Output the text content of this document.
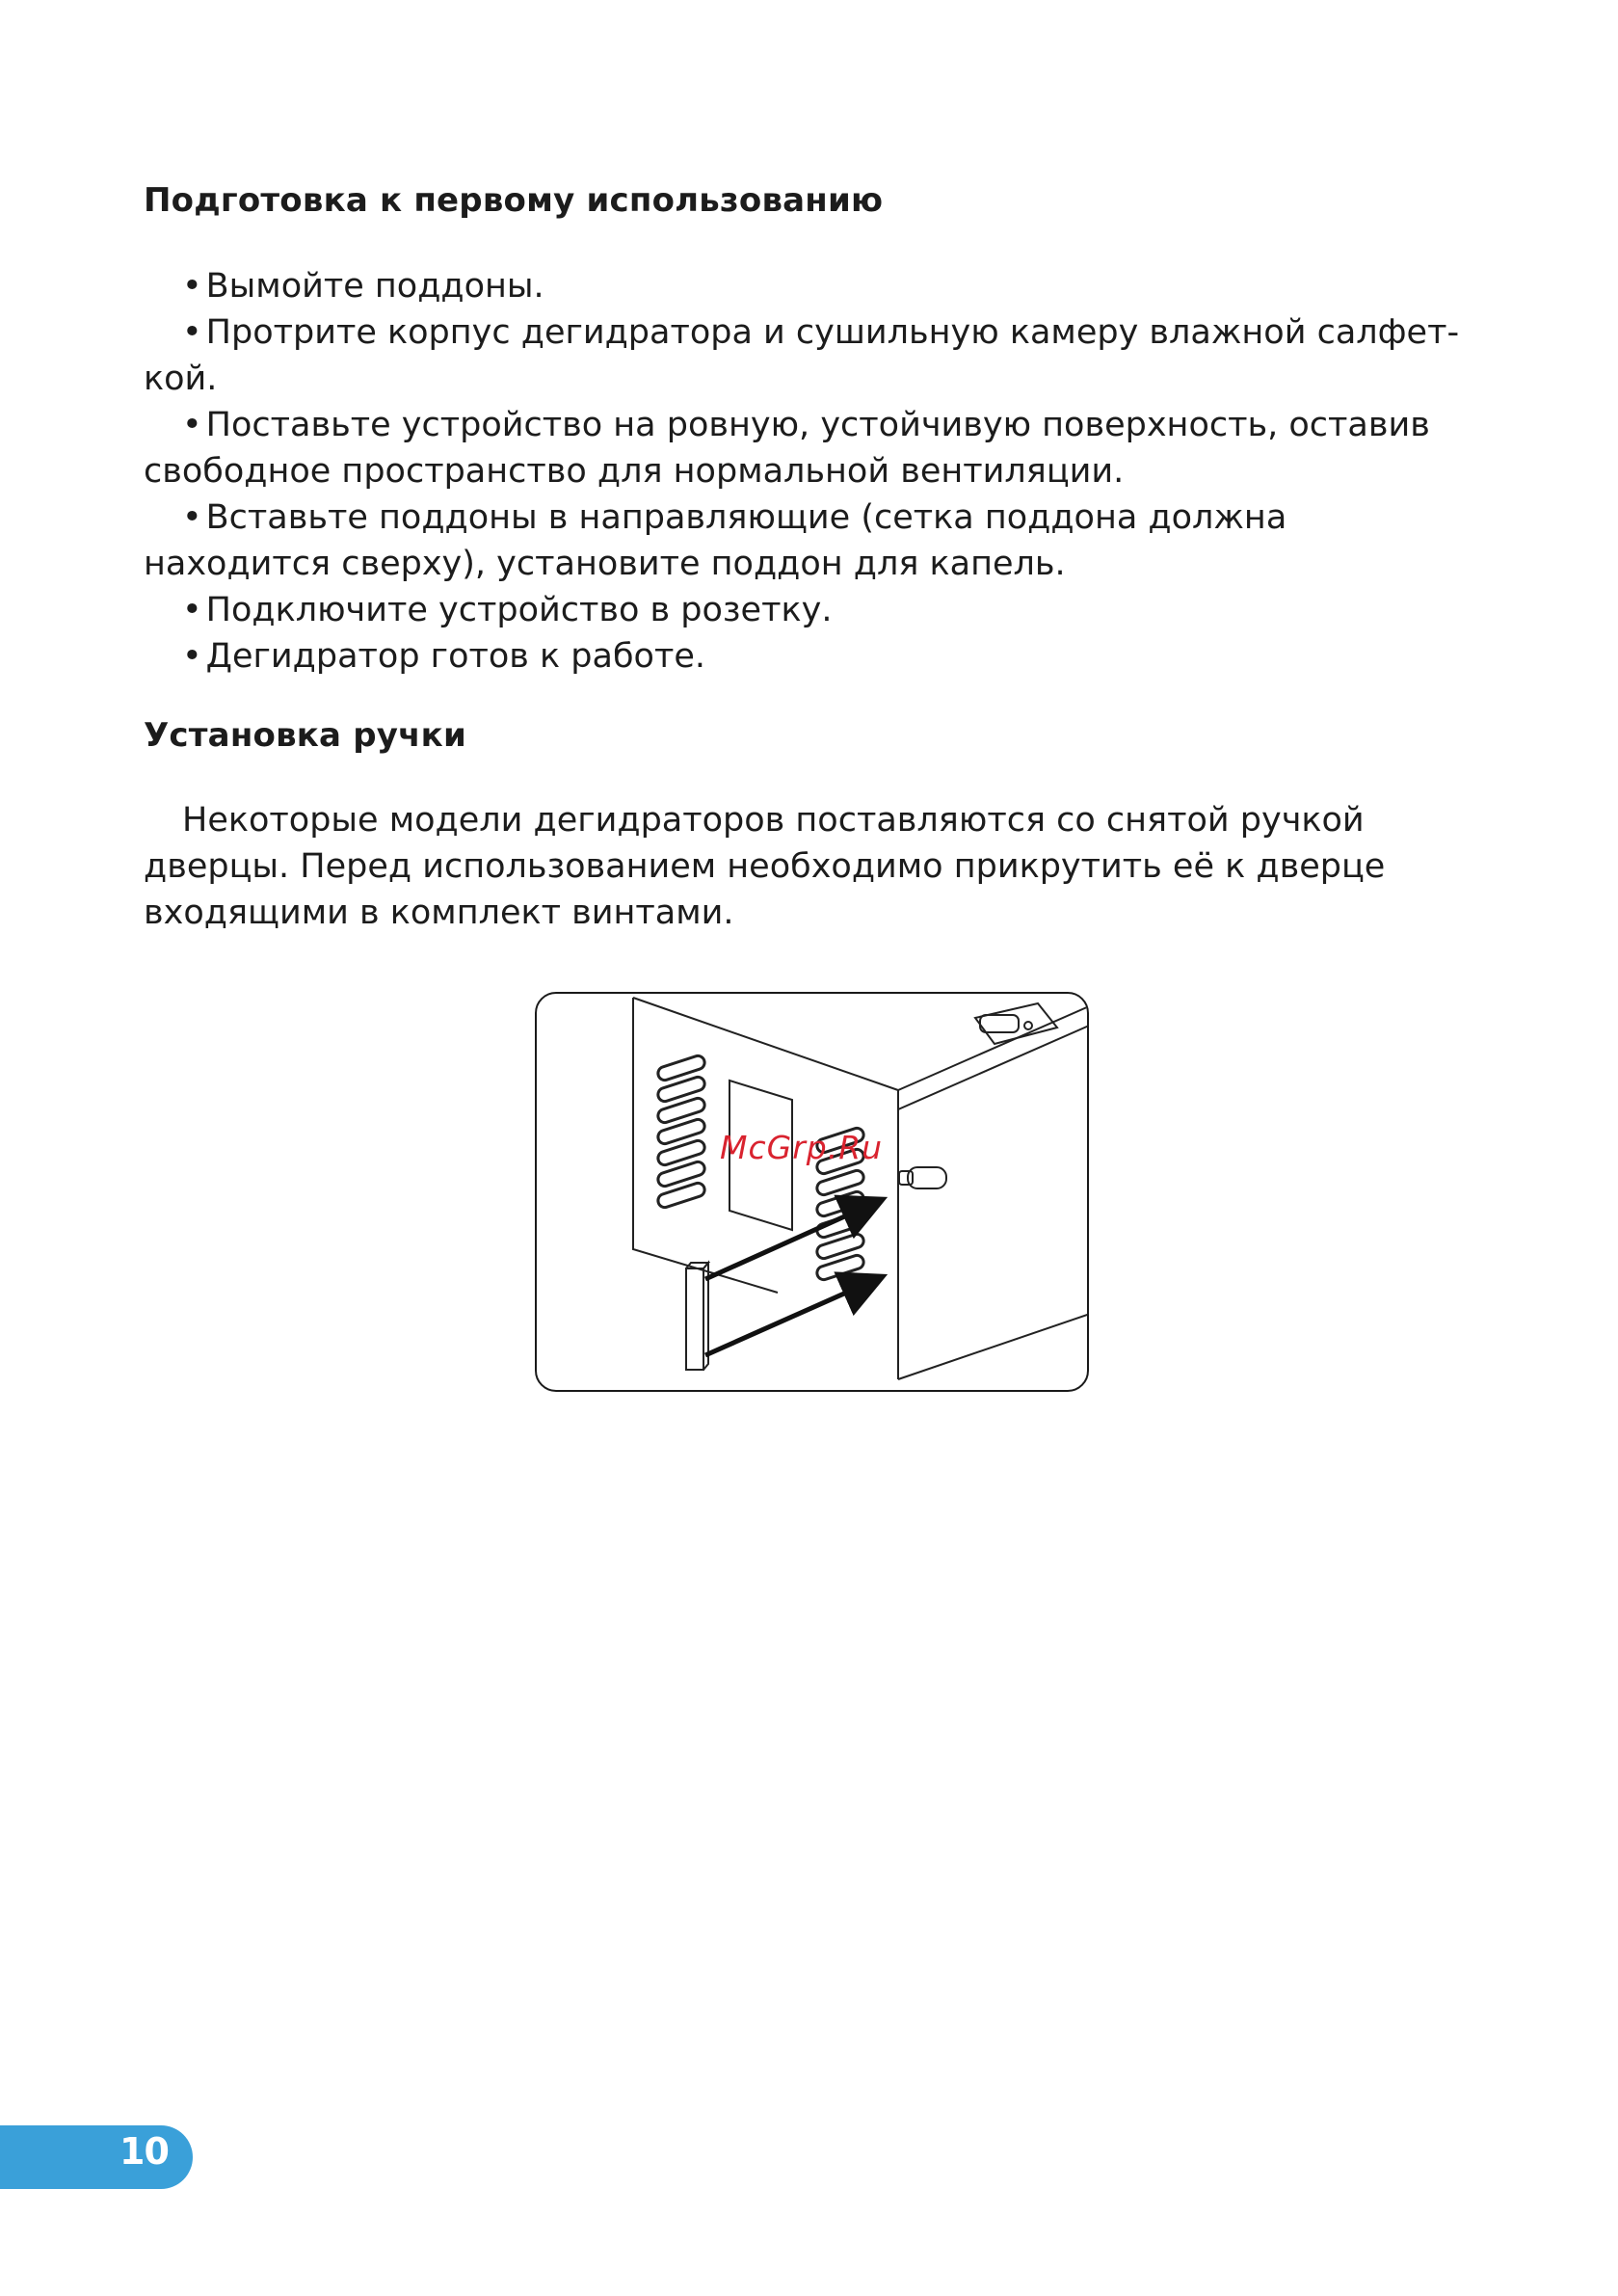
Подготовка к первому использованию
• Вымойте поддоны.
• Протрите корпус дегидратора и сушильную камеру влажной салфет-кой.
• Поставьте устройство на ровную, устойчивую поверхность, оставив свободное пространство для нормальной вентиляции.
• Вставьте поддоны в направляющие (сетка поддона должна находится сверху), установите поддон для капель.
• Подключите устройство в розетку.
• Дегидратор готов к работе.
Установка ручки

Некоторые модели дегидраторов поставляются со снятой ручкой дверцы. Перед использованием необходимо прикрутить её к дверце входящими в комплект винтами.

McGrp.Ru
10
